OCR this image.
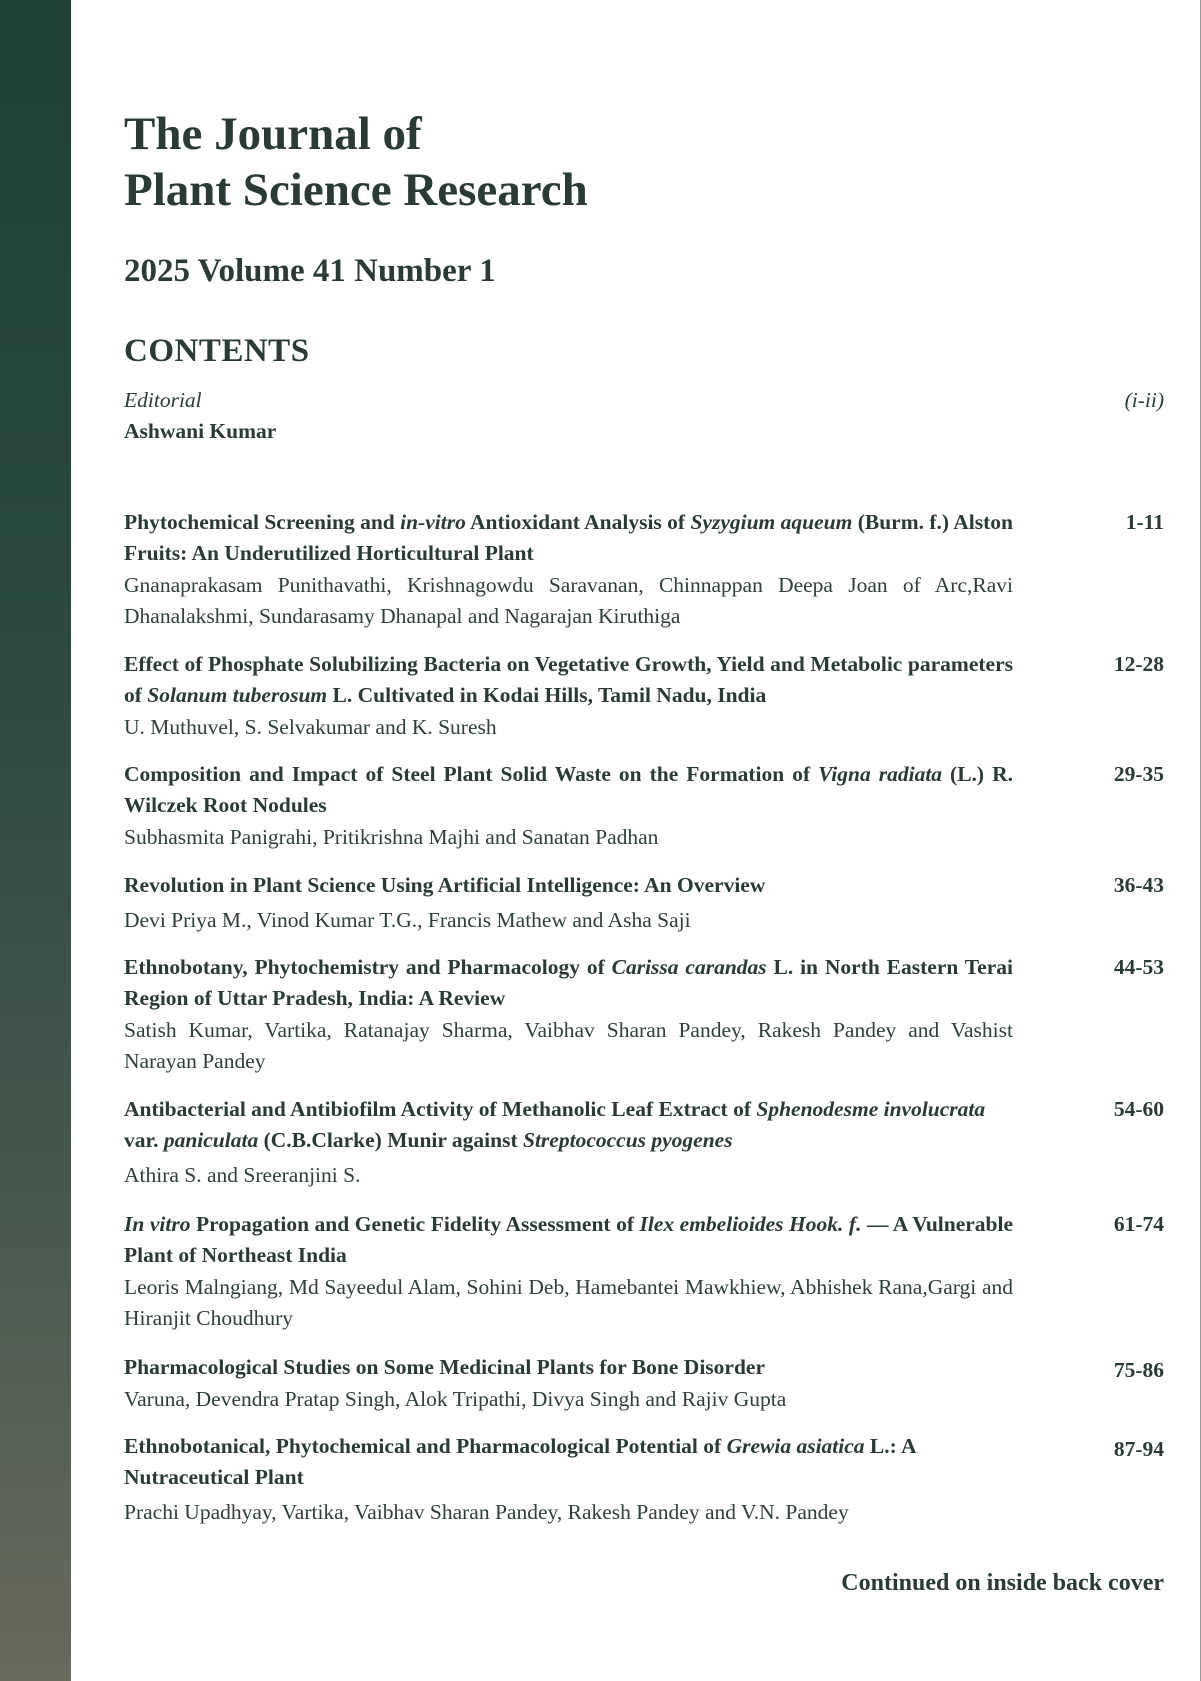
The Journal of
Plant Science Research
2025 Volume 41 Number 1
CONTENTS
Editorial
Ashwani Kumar
(i-ii)
Phytochemical Screening and in-vitro Antioxidant Analysis of Syzygium aqueum (Burm. f.) Alston Fruits: An Underutilized Horticultural Plant
Gnanaprakasam Punithavathi, Krishnagowdu Saravanan, Chinnappan Deepa Joan of Arc,Ravi Dhanalakshmi, Sundarasamy Dhanapal and Nagarajan Kiruthiga
1-11
Effect of Phosphate Solubilizing Bacteria on Vegetative Growth, Yield and Metabolic parameters of Solanum tuberosum L. Cultivated in Kodai Hills, Tamil Nadu, India
U. Muthuvel, S. Selvakumar and K. Suresh
12-28
Composition and Impact of Steel Plant Solid Waste on the Formation of Vigna radiata (L.) R. Wilczek Root Nodules
Subhasmita Panigrahi, Pritikrishna Majhi and Sanatan Padhan
29-35
Revolution in Plant Science Using Artificial Intelligence: An Overview
Devi Priya M., Vinod Kumar T.G., Francis Mathew and Asha Saji
36-43
Ethnobotany, Phytochemistry and Pharmacology of Carissa carandas L. in North Eastern Terai Region of Uttar Pradesh, India: A Review
Satish Kumar, Vartika, Ratanajay Sharma, Vaibhav Sharan Pandey, Rakesh Pandey and Vashist Narayan Pandey
44-53
Antibacterial and Antibiofilm Activity of Methanolic Leaf Extract of Sphenodesme involucrata var. paniculata (C.B.Clarke) Munir against Streptococcus pyogenes
Athira S. and Sreeranjini S.
54-60
In vitro Propagation and Genetic Fidelity Assessment of Ilex embelioides Hook. f. — A Vulnerable Plant of Northeast India
Leoris Malngiang, Md Sayeedul Alam, Sohini Deb, Hamebantei Mawkhiew, Abhishek Rana,Gargi and Hiranjit Choudhury
61-74
Pharmacological Studies on Some Medicinal Plants for Bone Disorder
Varuna, Devendra Pratap Singh, Alok Tripathi, Divya Singh and Rajiv Gupta
75-86
Ethnobotanical, Phytochemical and Pharmacological Potential of Grewia asiatica L.: A Nutraceutical Plant
Prachi Upadhyay, Vartika, Vaibhav Sharan Pandey, Rakesh Pandey and V.N. Pandey
87-94

Continued on inside back cover
